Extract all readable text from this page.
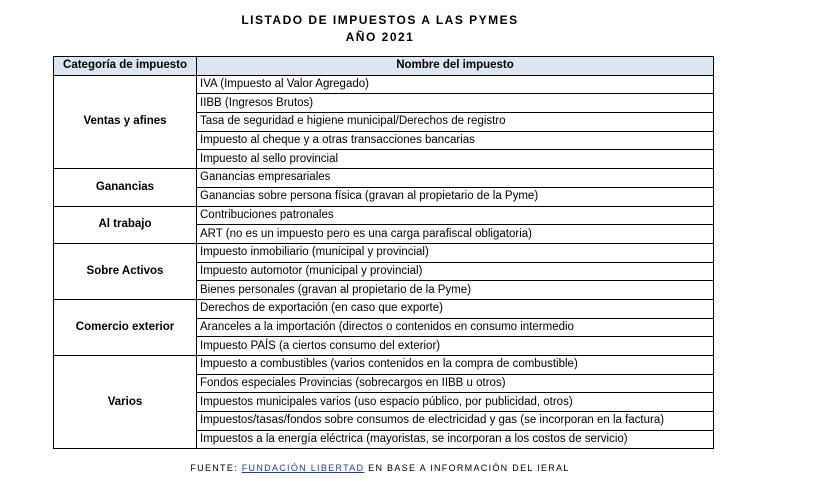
LISTADO DE IMPUESTOS A LAS PYMES
AÑO 2021
Categoría de impuesto	Nombre del impuesto
Ventas y afines	IVA (Impuesto al Valor Agregado)
	IIBB (Ingresos Brutos)
	Tasa de seguridad e higiene municipal/Derechos de registro
	Impuesto al cheque y a otras transacciones bancarias
	Impuesto al sello provincial
Ganancias	Ganancias empresariales
	Ganancias sobre persona física (gravan al propietario de la Pyme)
Al trabajo	Contribuciones patronales
	ART (no es un impuesto pero es una carga parafiscal obligatoria)
Sobre Activos	Impuesto inmobiliario (municipal y provincial)
	Impuesto automotor (municipal y provincial)
	Bienes personales (gravan al propietario de la Pyme)
Comercio exterior	Derechos de exportación (en caso que exporte)
	Aranceles a la importación (directos o contenidos en consumo intermedio
	Impuesto PAÍS (a ciertos consumo del exterior)
Varios	Impuesto a combustibles (varios contenidos en la compra de combustible)
	Fondos especiales Provincias (sobrecargos en IIBB u otros)
	Impuestos municipales varios (uso espacio público, por publicidad, otros)
	Impuestos/tasas/fondos sobre consumos de electricidad y gas (se incorporan en la factura)
	Impuestos a la energía eléctrica (mayoristas, se incorporan a los costos de servicio)
FUENTE: FUNDACIÓN LIBERTAD EN BASE A INFORMACIÓN DEL IERAL
